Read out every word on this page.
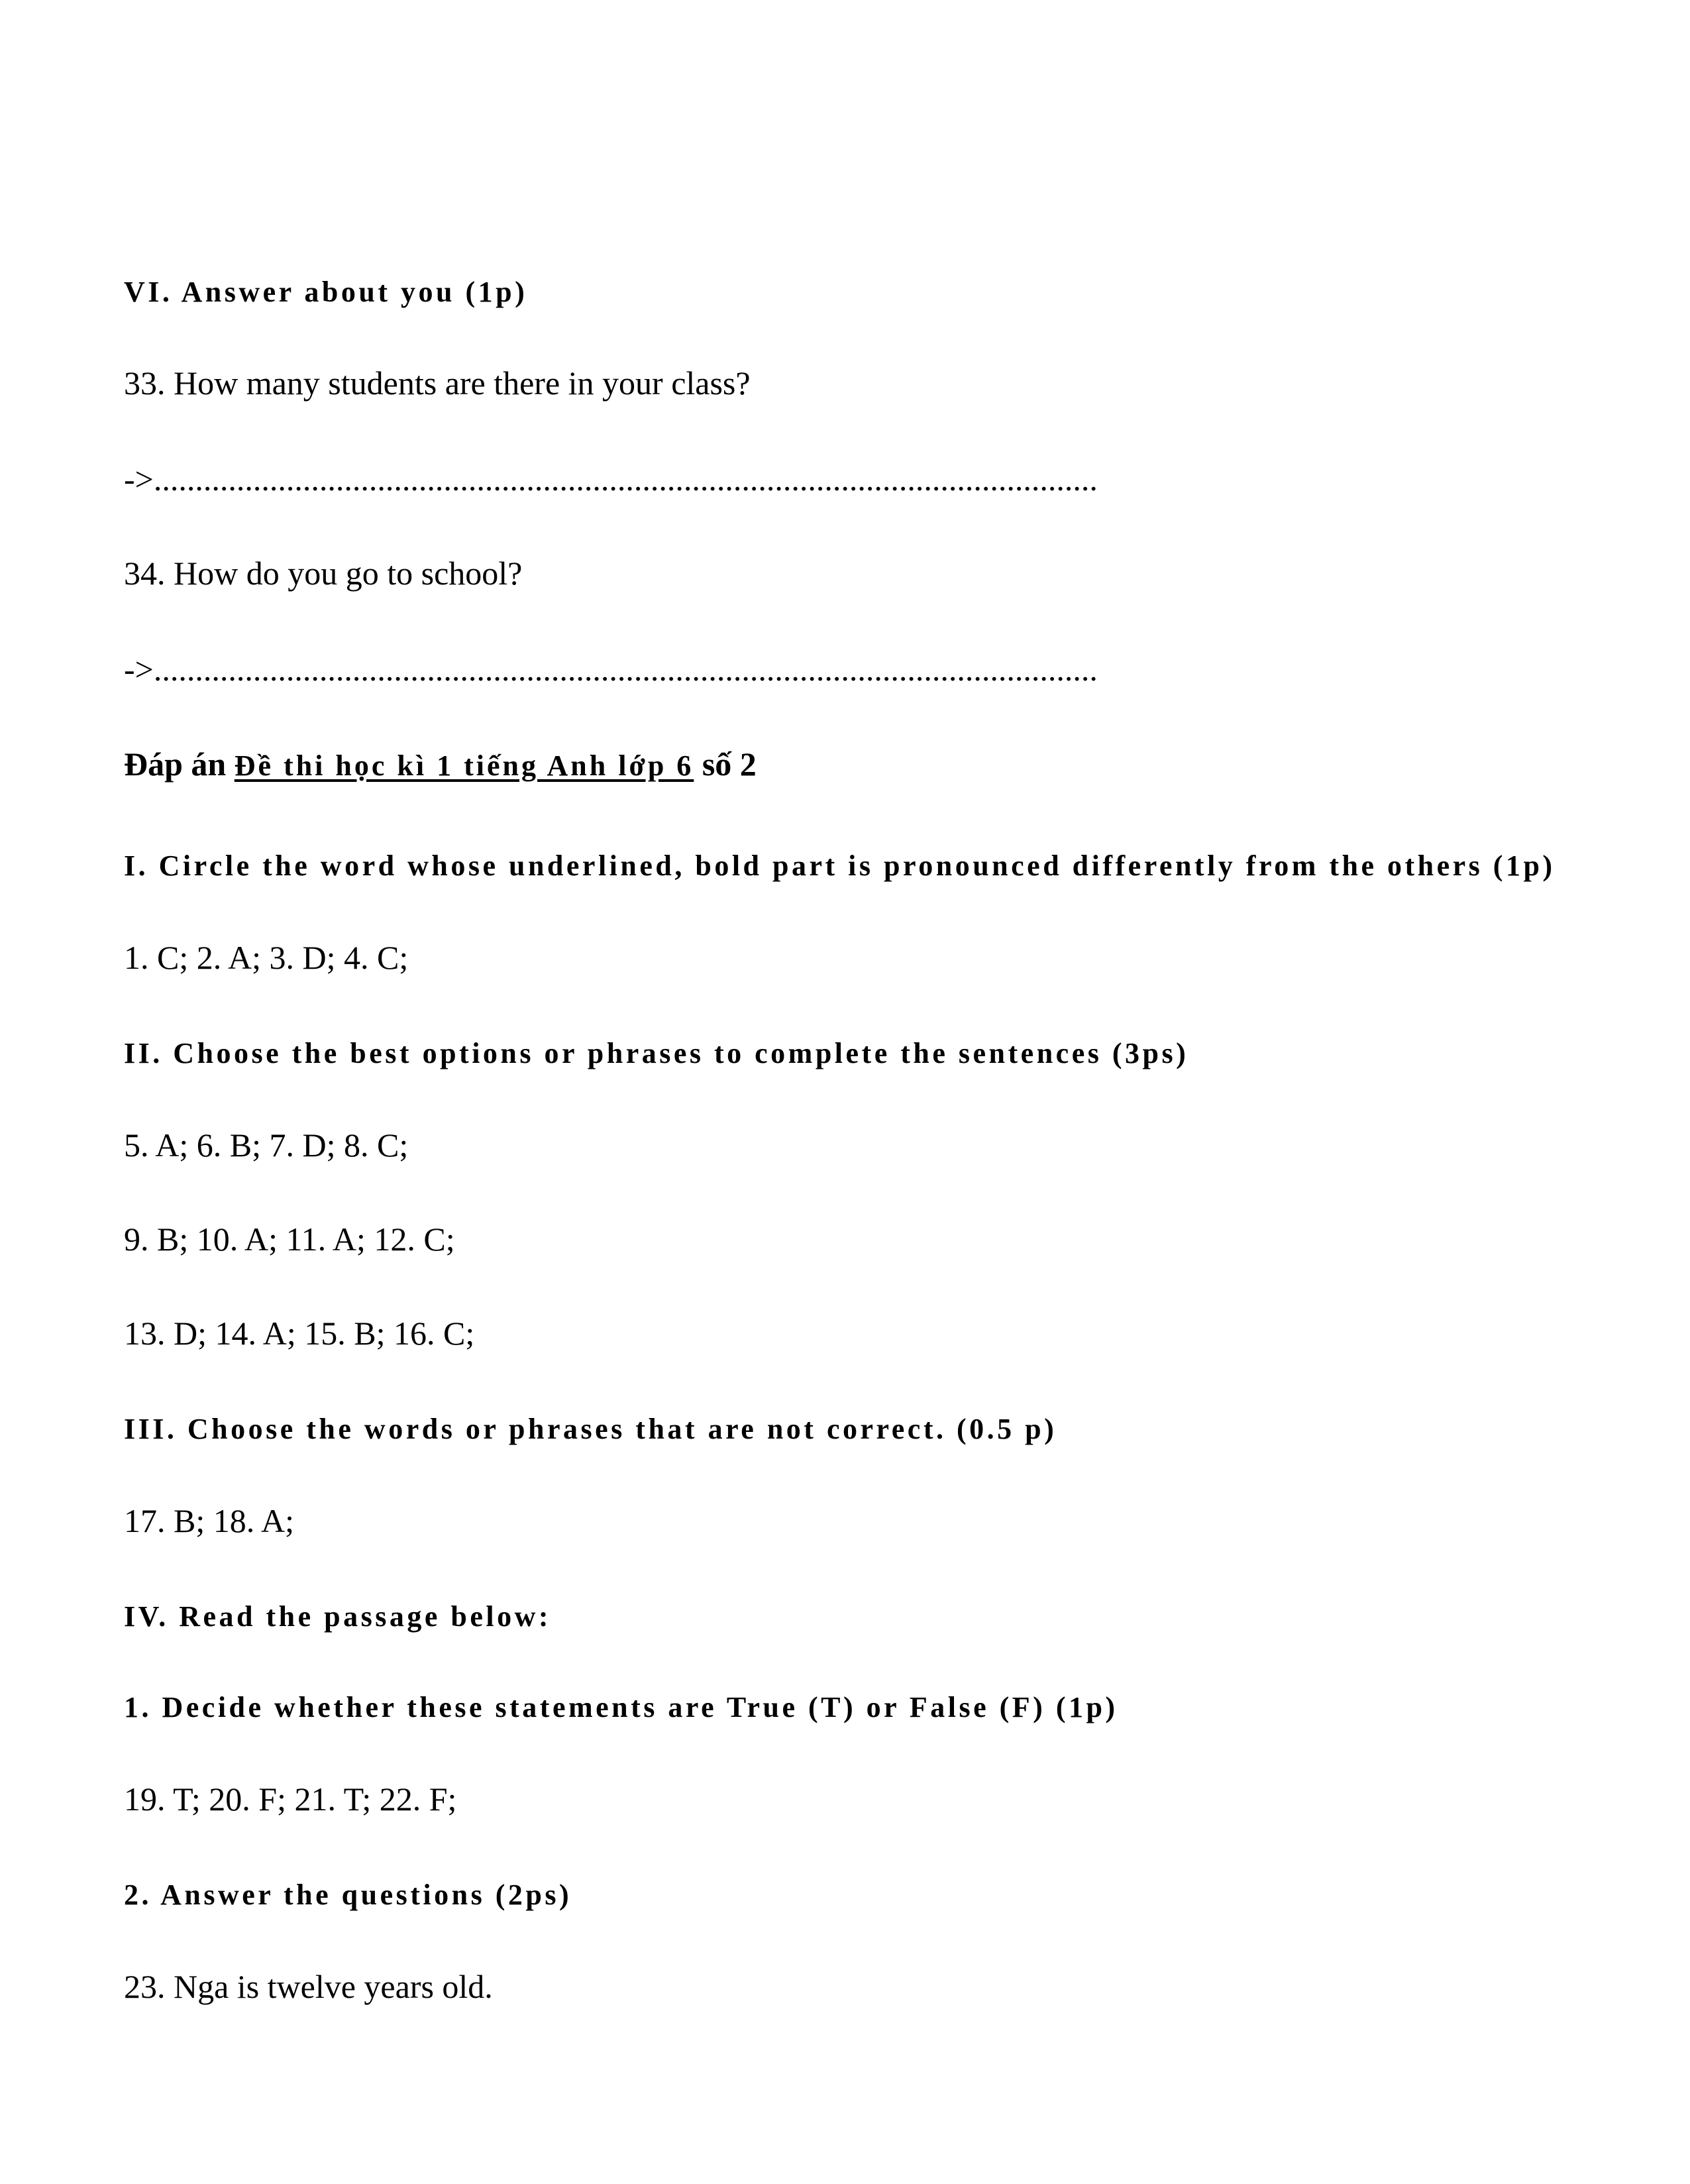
VI. Answer about you (1p)
33. How many students are there in your class?
->..................................................................................................................
34. How do you go to school?
->..................................................................................................................
Đáp án Đề thi học kì 1 tiếng Anh lớp 6 số 2
I. Circle the word whose underlined, bold part is pronounced differently from the others (1p)
1. C; 2. A; 3. D; 4. C;
II. Choose the best options or phrases to complete the sentences (3ps)
5. A; 6. B; 7. D; 8. C;
9. B; 10. A; 11. A; 12. C;
13. D; 14. A; 15. B; 16. C;
III. Choose the words or phrases that are not correct. (0.5 p)
17. B; 18. A;
IV. Read the passage below:
1. Decide whether these statements are True (T) or False (F) (1p)
19. T; 20. F; 21. T; 22. F;
2. Answer the questions (2ps)
23. Nga is twelve years old.
